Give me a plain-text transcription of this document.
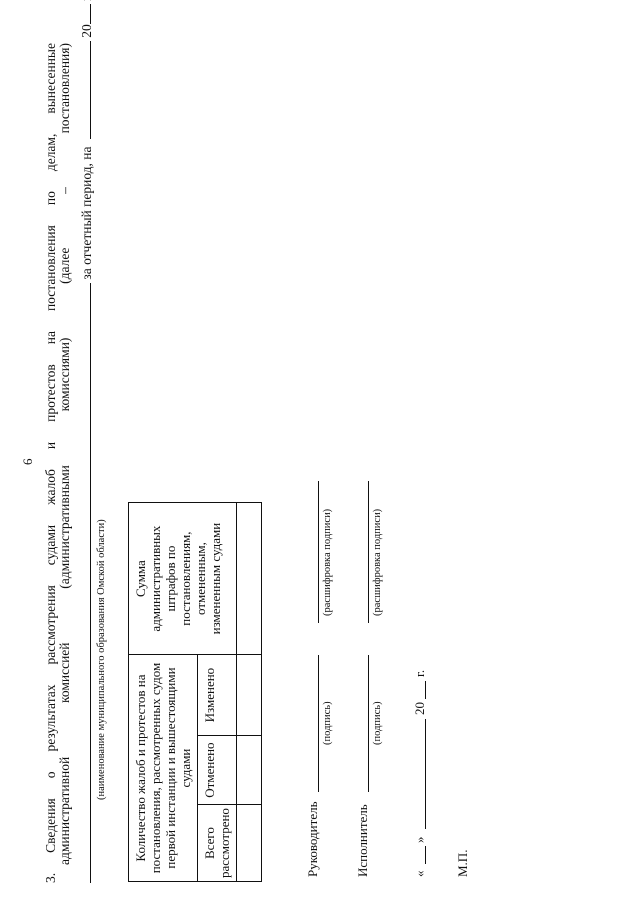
6 3. Сведения о результатах рассмотрения судами жалоб и протестов на постановления по делам, вынесенные административной
комиссией
(административными
комиссиями)
(далее
–
постановления)
за отчетный период, на  20
(наименование муниципального образования Омской области) Количество жалоб и протестов на постановления, рассмотренных судом первой инстанции и вышестоящими судами			Сумма административных штрафов по постановлениям, отмененным, измененным судами
Всего рассмотрено	Отменено	Изменено	

Руководитель
(подпись)
(расшифровка подписи)
Исполнитель
(подпись)
(расшифровка подписи)
«
»
20
г.
М.П.
